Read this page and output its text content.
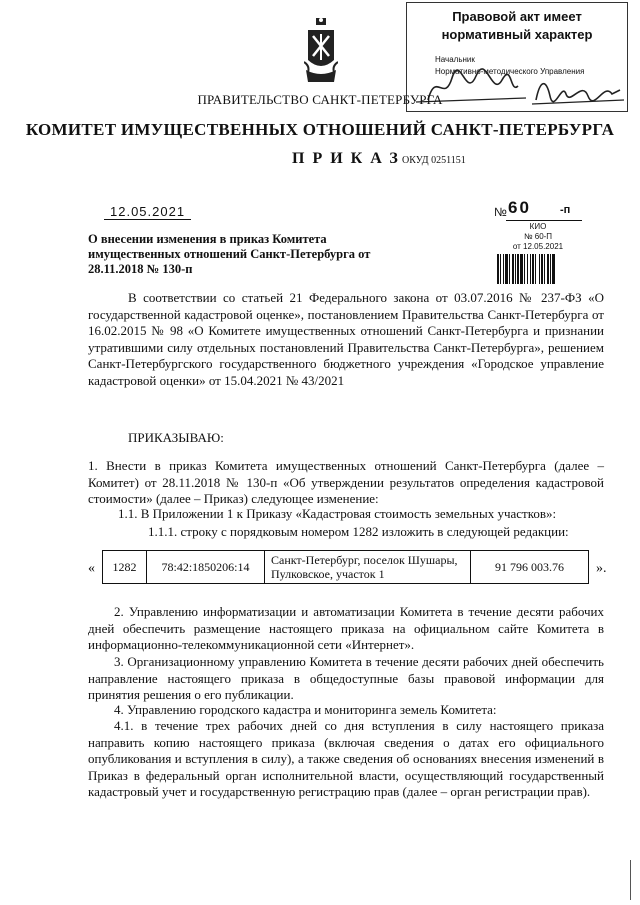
Правовой акт имеет
нормативный характер
Начальник
Нормативно-методического Управления
ПРАВИТЕЛЬСТВО САНКТ-ПЕТЕРБУРГА
КОМИТЕТ ИМУЩЕСТВЕННЫХ ОТНОШЕНИЙ САНКТ-ПЕТЕРБУРГА
ПРИКАЗ
ОКУД 0251151
12.05.2021	№ 60	-п
КИО
№ 60-П
от 12.05.2021
О внесении изменения в приказ Комитета имущественных отношений Санкт-Петербурга от 28.11.2018 № 130-п
В соответствии со статьей 21 Федерального закона от 03.07.2016 № 237-ФЗ «О государственной кадастровой оценке», постановлением Правительства Санкт-Петербурга от 16.02.2015 № 98 «О Комитете имущественных отношений Санкт-Петербурга и признании утратившими силу отдельных постановлений Правительства Санкт-Петербурга», решением Санкт-Петербургского государственного бюджетного учреждения «Городское управление кадастровой оценки» от 15.04.2021 № 43/2021
ПРИКАЗЫВАЮ:
1. Внести в приказ Комитета имущественных отношений Санкт-Петербурга (далее – Комитет) от 28.11.2018 № 130-п «Об утверждении результатов определения кадастровой стоимости» (далее – Приказ) следующее изменение:
1.1. В Приложении 1 к Приказу «Кадастровая стоимость земельных участков»:
1.1.1. строку с порядковым номером 1282 изложить в следующей редакции:
« 1282	78:42:1850206:14	Санкт-Петербург, поселок Шушары, Пулковское, участок 1	91 796 003.76 ».
2. Управлению информатизации и автоматизации Комитета в течение десяти рабочих дней обеспечить размещение настоящего приказа на официальном сайте Комитета в информационно-телекоммуникационной сети «Интернет».
3. Организационному управлению Комитета в течение десяти рабочих дней обеспечить направление настоящего приказа в общедоступные базы правовой информации для принятия решения о его публикации.
4. Управлению городского кадастра и мониторинга земель Комитета:
4.1. в течение трех рабочих дней со дня вступления в силу настоящего приказа направить копию настоящего приказа (включая сведения о датах его официального опубликования и вступления в силу), а также сведения об основаниях внесения изменений в Приказ в федеральный орган исполнительной власти, осуществляющий государственный кадастровый учет и государственную регистрацию прав (далее – орган регистрации прав).
